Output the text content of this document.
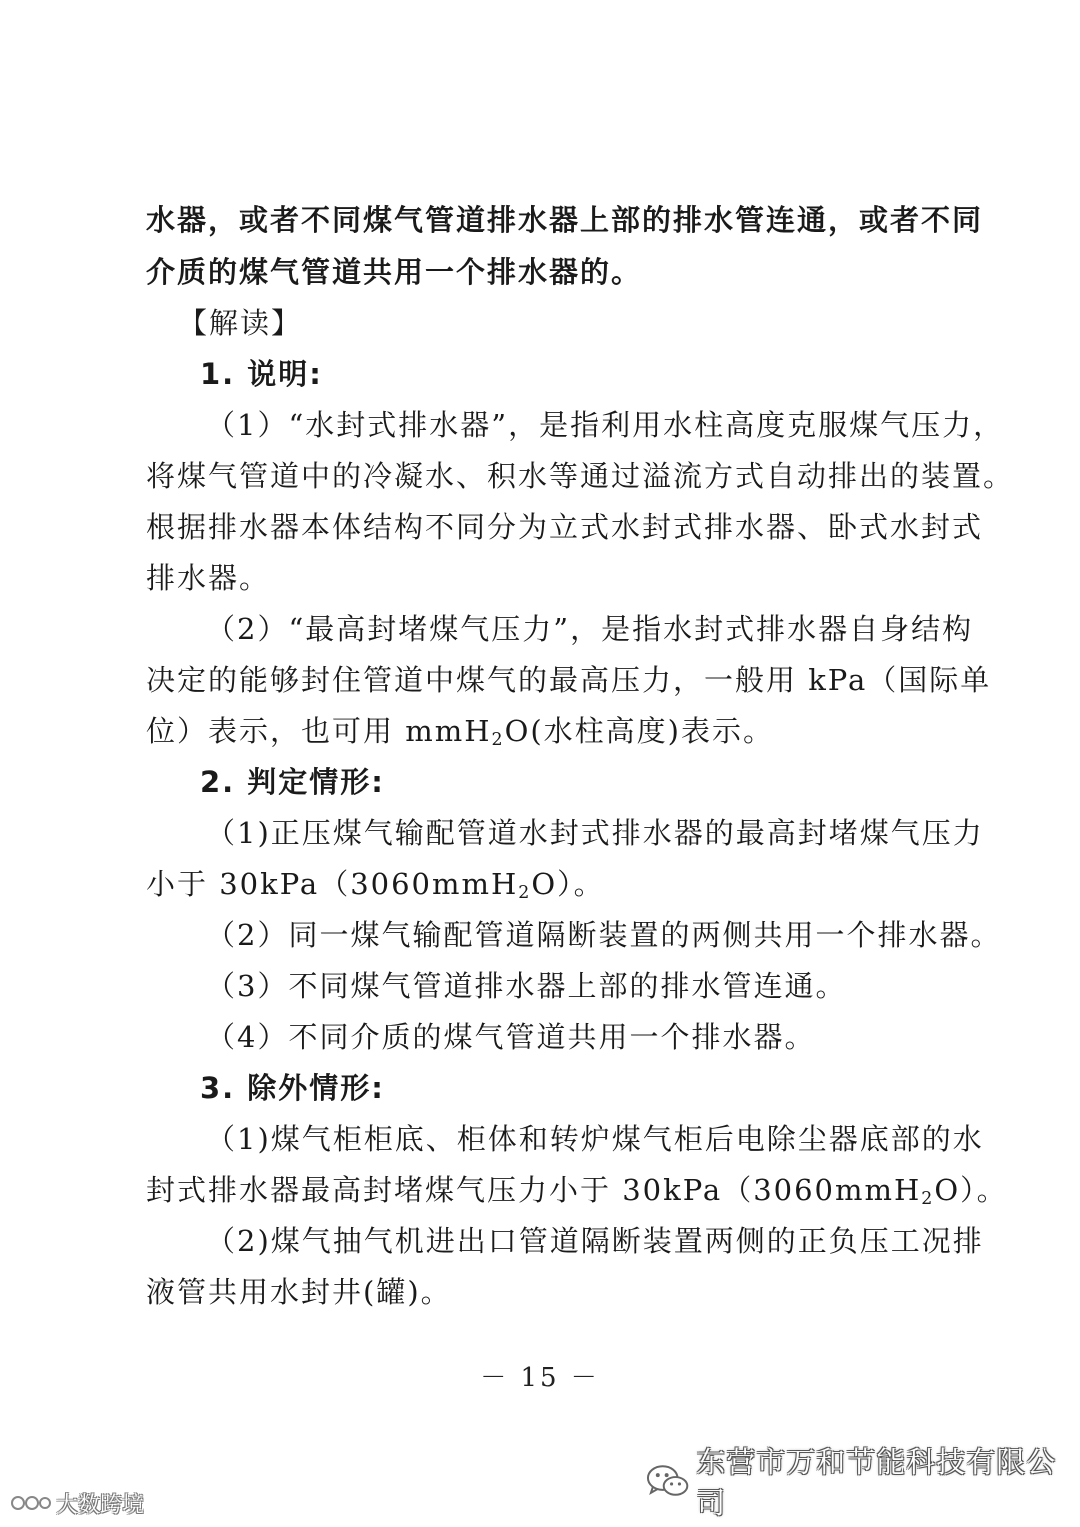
水器，或者不同煤气管道排水器上部的排水管连通，或者不同
介质的煤气管道共用一个排水器的。
【解读】
1. 说明:
（1）“水封式排水器”，是指利用水柱高度克服煤气压力，
将煤气管道中的冷凝水、积水等通过溢流方式自动排出的装置。
根据排水器本体结构不同分为立式水封式排水器、卧式水封式
排水器。
（2）“最高封堵煤气压力”，是指水封式排水器自身结构
决定的能够封住管道中煤气的最高压力，一般用 kPa（国际单
位）表示，也可用 mmH$_2$O(水柱高度)表示。
2. 判定情形:
（1)正压煤气输配管道水封式排水器的最高封堵煤气压力
小于 30kPa（3060mmH$_2$O）。
（2）同一煤气输配管道隔断装置的两侧共用一个排水器。
（3）不同煤气管道排水器上部的排水管连通。
（4）不同介质的煤气管道共用一个排水器。
3. 除外情形:
（1)煤气柜柜底、柜体和转炉煤气柜后电除尘器底部的水
封式排水器最高封堵煤气压力小于 30kPa（3060mmH$_2$O）。
（2)煤气抽气机进出口管道隔断装置两侧的正负压工况排
液管共用水封井(罐)。
－ 15 －
东营市万和节能科技有限公司
大数跨境
